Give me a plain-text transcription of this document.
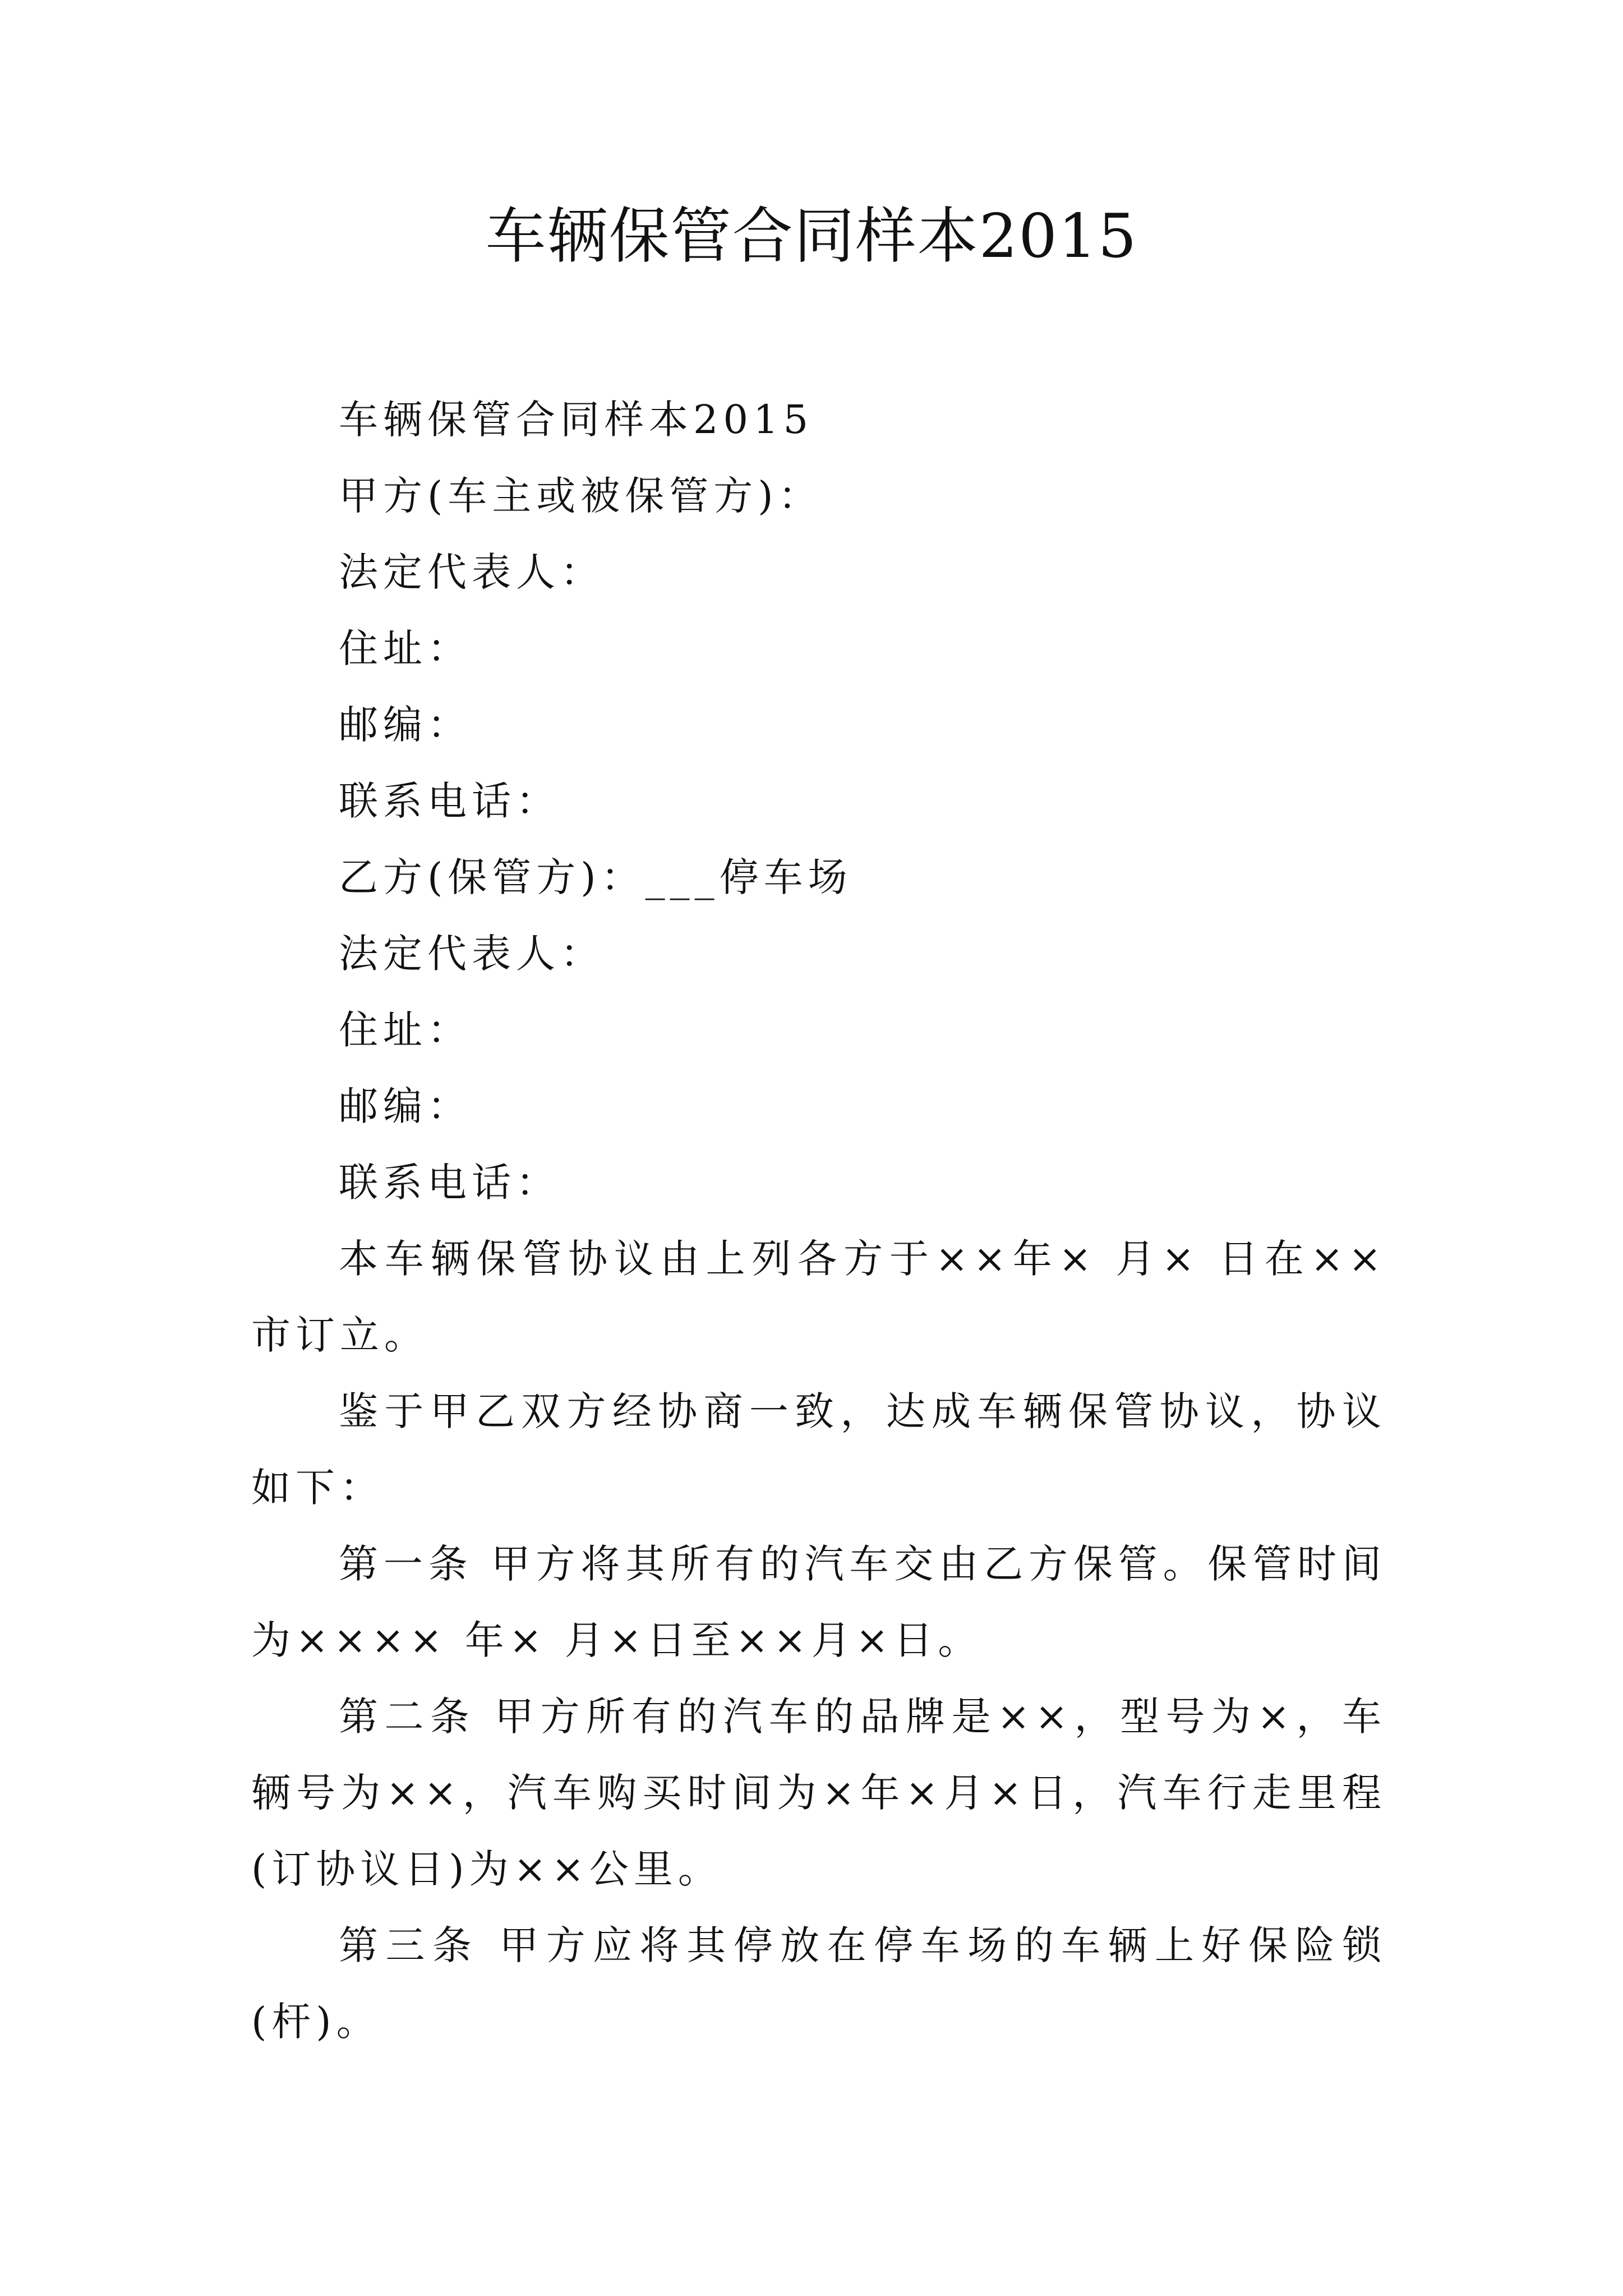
车辆保管合同样本2015
车辆保管合同样本2015
甲方(车主或被保管方)：
法定代表人：
住址：
邮编：
联系电话：
乙方(保管方)：___停车场
法定代表人：
住址：
邮编：
联系电话：
本车辆保管协议由上列各方于××年× 月× 日在×× 市订立。
鉴于甲乙双方经协商一致，达成车辆保管协议，协议如下：
第一条 甲方将其所有的汽车交由乙方保管。保管时间为×××× 年× 月×日至××月×日。
第二条 甲方所有的汽车的品牌是××，型号为×，车辆号为××，汽车购买时间为×年×月×日，汽车行走里程(订协议日)为××公里。
第三条 甲方应将其停放在停车场的车辆上好保险锁(杆)。
